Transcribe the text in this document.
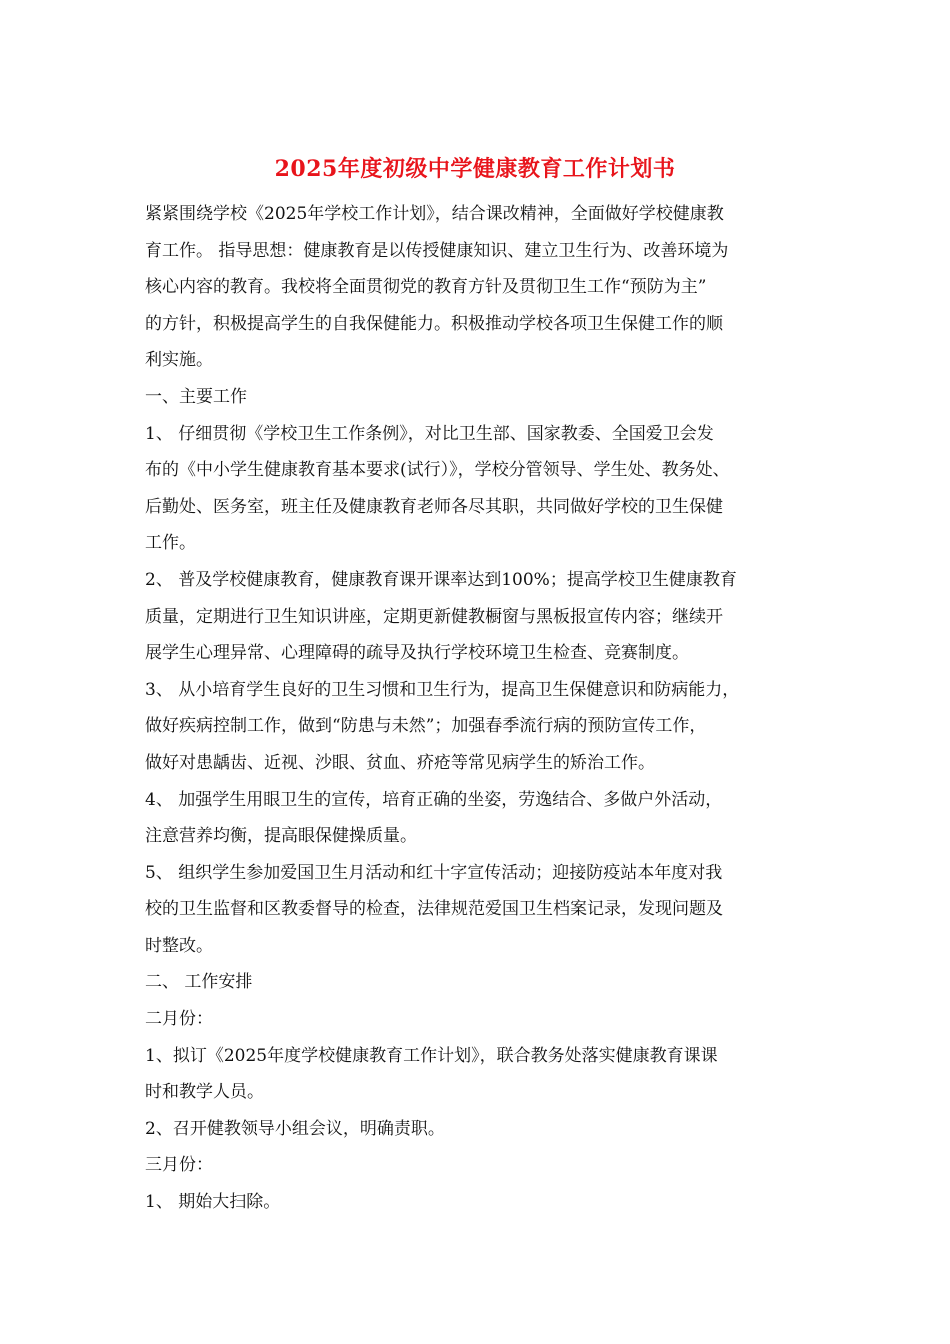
2025年度初级中学健康教育工作计划书
紧紧围绕学校《2025年学校工作计划》，结合课改精神，全面做好学校健康教
育工作。 指导思想：健康教育是以传授健康知识、建立卫生行为、改善环境为
核心内容的教育。我校将全面贯彻党的教育方针及贯彻卫生工作“预防为主”
的方针，积极提高学生的自我保健能力。积极推动学校各项卫生保健工作的顺
利实施。
一、主要工作
1、 仔细贯彻《学校卫生工作条例》，对比卫生部、国家教委、全国爱卫会发
布的《中小学生健康教育基本要求(试行）》，学校分管领导、学生处、教务处、
后勤处、医务室，班主任及健康教育老师各尽其职，共同做好学校的卫生保健
工作。
2、 普及学校健康教育，健康教育课开课率达到100%；提高学校卫生健康教育
质量，定期进行卫生知识讲座，定期更新健教橱窗与黑板报宣传内容；继续开
展学生心理异常、心理障碍的疏导及执行学校环境卫生检查、竞赛制度。
3、 从小培育学生良好的卫生习惯和卫生行为，提高卫生保健意识和防病能力，
做好疾病控制工作，做到“防患与未然”；加强春季流行病的预防宣传工作，
做好对患龋齿、近视、沙眼、贫血、疥疮等常见病学生的矫治工作。
4、 加强学生用眼卫生的宣传，培育正确的坐姿，劳逸结合、多做户外活动，
注意营养均衡，提高眼保健操质量。
5、 组织学生参加爱国卫生月活动和红十字宣传活动；迎接防疫站本年度对我
校的卫生监督和区教委督导的检查，法律规范爱国卫生档案记录，发现问题及
时整改。
二、 工作安排
二月份：
1、拟订《2025年度学校健康教育工作计划》，联合教务处落实健康教育课课
时和教学人员。
2、召开健教领导小组会议，明确责职。
三月份：
1、 期始大扫除。
